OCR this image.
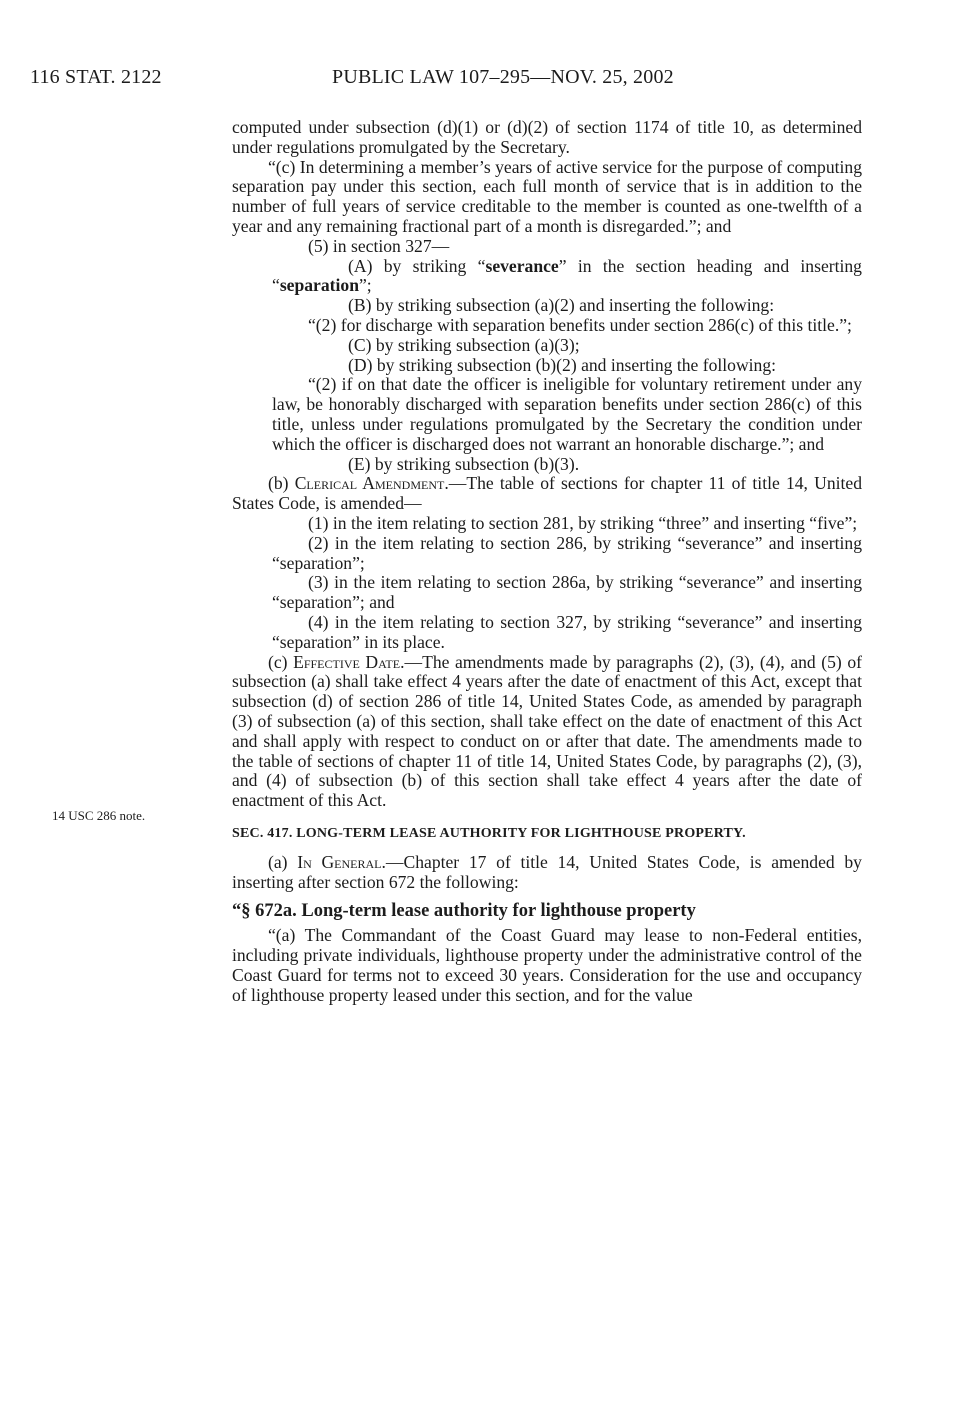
116 STAT. 2122	PUBLIC LAW 107–295—NOV. 25, 2002
14 USC 286 note.

computed under subsection (d)(1) or (d)(2) of section 1174 of title 10, as determined under regulations promulgated by the Secretary.

“(c) In determining a member’s years of active service for the purpose of computing separation pay under this section, each full month of service that is in addition to the number of full years of service creditable to the member is counted as one-twelfth of a year and any remaining fractional part of a month is disregarded.”; and

(5) in section 327—

(A) by striking “severance” in the section heading and inserting “separation”;

(B) by striking subsection (a)(2) and inserting the following:

“(2) for discharge with separation benefits under section 286(c) of this title.”;

(C) by striking subsection (a)(3);

(D) by striking subsection (b)(2) and inserting the following:

“(2) if on that date the officer is ineligible for voluntary retirement under any law, be honorably discharged with separation benefits under section 286(c) of this title, unless under regulations promulgated by the Secretary the condition under which the officer is discharged does not warrant an honorable discharge.”; and

(E) by striking subsection (b)(3).

(b) Clerical Amendment.—The table of sections for chapter 11 of title 14, United States Code, is amended—

(1) in the item relating to section 281, by striking “three” and inserting “five”;

(2) in the item relating to section 286, by striking “severance” and inserting “separation”;

(3) in the item relating to section 286a, by striking “severance” and inserting “separation”; and

(4) in the item relating to section 327, by striking “severance” and inserting “separation” in its place.

(c) Effective Date.—The amendments made by paragraphs (2), (3), (4), and (5) of subsection (a) shall take effect 4 years after the date of enactment of this Act, except that subsection (d) of section 286 of title 14, United States Code, as amended by paragraph (3) of subsection (a) of this section, shall take effect on the date of enactment of this Act and shall apply with respect to conduct on or after that date. The amendments made to the table of sections of chapter 11 of title 14, United States Code, by paragraphs (2), (3), and (4) of subsection (b) of this section shall take effect 4 years after the date of enactment of this Act.

SEC. 417. LONG-TERM LEASE AUTHORITY FOR LIGHTHOUSE PROPERTY.

(a) In General.—Chapter 17 of title 14, United States Code, is amended by inserting after section 672 the following:

“§ 672a. Long-term lease authority for lighthouse property

“(a) The Commandant of the Coast Guard may lease to non-Federal entities, including private individuals, lighthouse property under the administrative control of the Coast Guard for terms not to exceed 30 years. Consideration for the use and occupancy of lighthouse property leased under this section, and for the value
